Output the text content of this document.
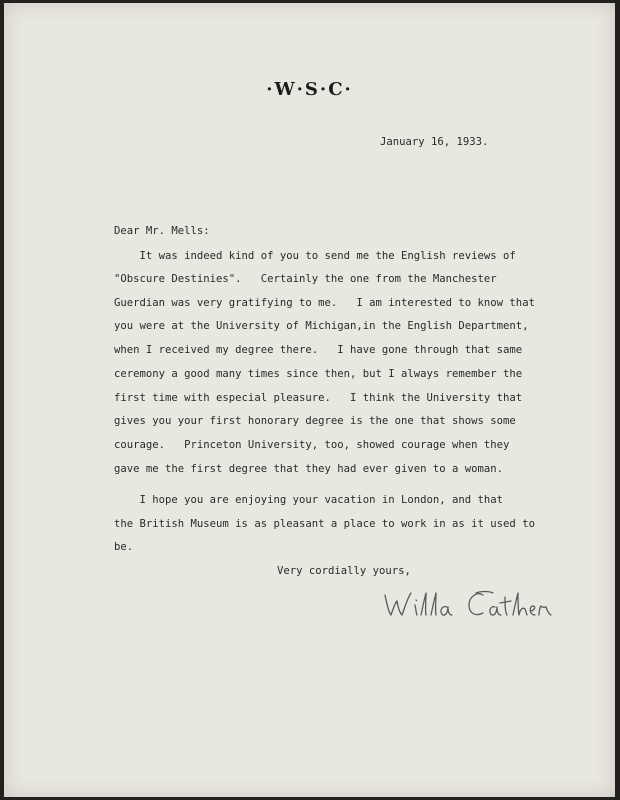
·W·S·C·
January 16, 1933.
Dear Mr. Mells:
It was indeed kind of you to send me the English reviews of
"Obscure Destinies".   Certainly the one from the Manchester
Guerdian was very gratifying to me.   I am interested to know that
you were at the University of Michigan,in the English Department,
when I received my degree there.   I have gone through that same
ceremony a good many times since then, but I always remember the
first time with especial pleasure.   I think the University that
gives you your first honorary degree is the one that shows some
courage.   Princeton University, too, showed courage when they
gave me the first degree that they had ever given to a woman.
I hope you are enjoying your vacation in London, and that
the British Museum is as pleasant a place to work in as it used to
be.
Very cordially yours,
